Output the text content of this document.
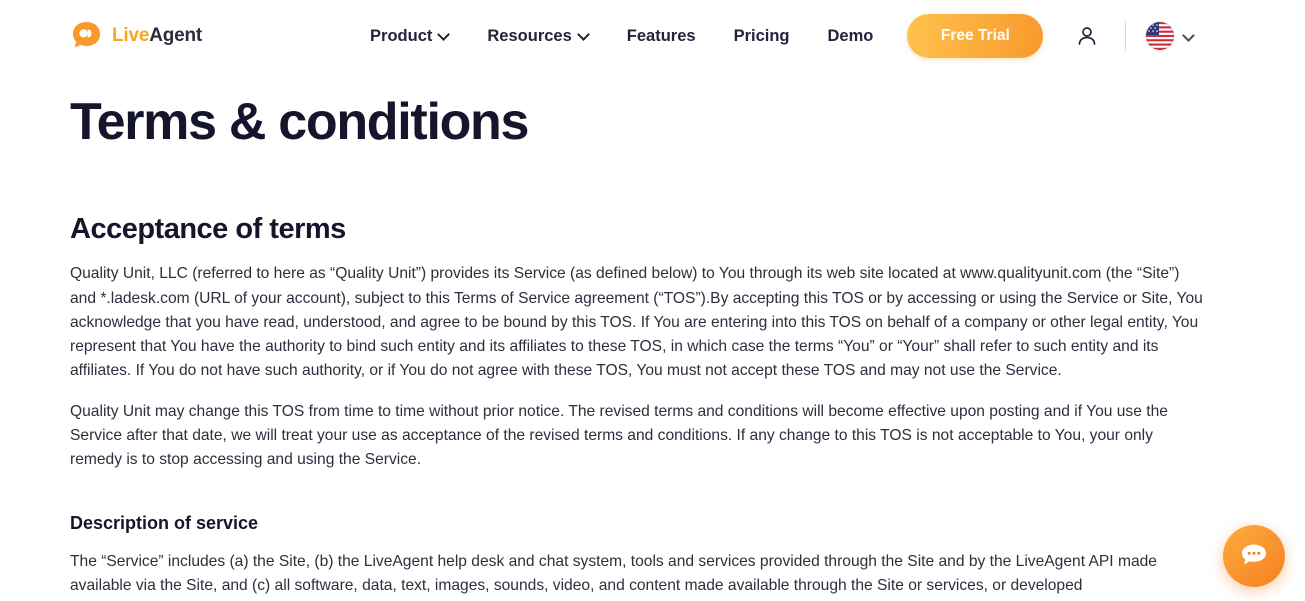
LiveAgent	Product	Resources	Features Pricing Demo	Free Trial
Terms & conditions
Acceptance of terms

Quality Unit, LLC (referred to here as “Quality Unit”) provides its Service (as defined below) to You through its web site located at www.qualityunit.com (the “Site”) and *.ladesk.com (URL of your account), subject to this Terms of Service agreement (“TOS”).By accepting this TOS or by accessing or using the Service or Site, You acknowledge that you have read, understood, and agree to be bound by this TOS. If You are entering into this TOS on behalf of a company or other legal entity, You represent that You have the authority to bind such entity and its affiliates to these TOS, in which case the terms “You” or “Your” shall refer to such entity and its affiliates. If You do not have such authority, or if You do not agree with these TOS, You must not accept these TOS and may not use the Service.

Quality Unit may change this TOS from time to time without prior notice. The revised terms and conditions will become effective upon posting and if You use the Service after that date, we will treat your use as acceptance of the revised terms and conditions. If any change to this TOS is not acceptable to You, your only remedy is to stop accessing and using the Service.

Description of service

The “Service” includes (a) the Site, (b) the LiveAgent help desk and chat system, tools and services provided through the Site and by the LiveAgent API made available via the Site, and (c) all software, data, text, images, sounds, video, and content made available through the Site or services, or developed
